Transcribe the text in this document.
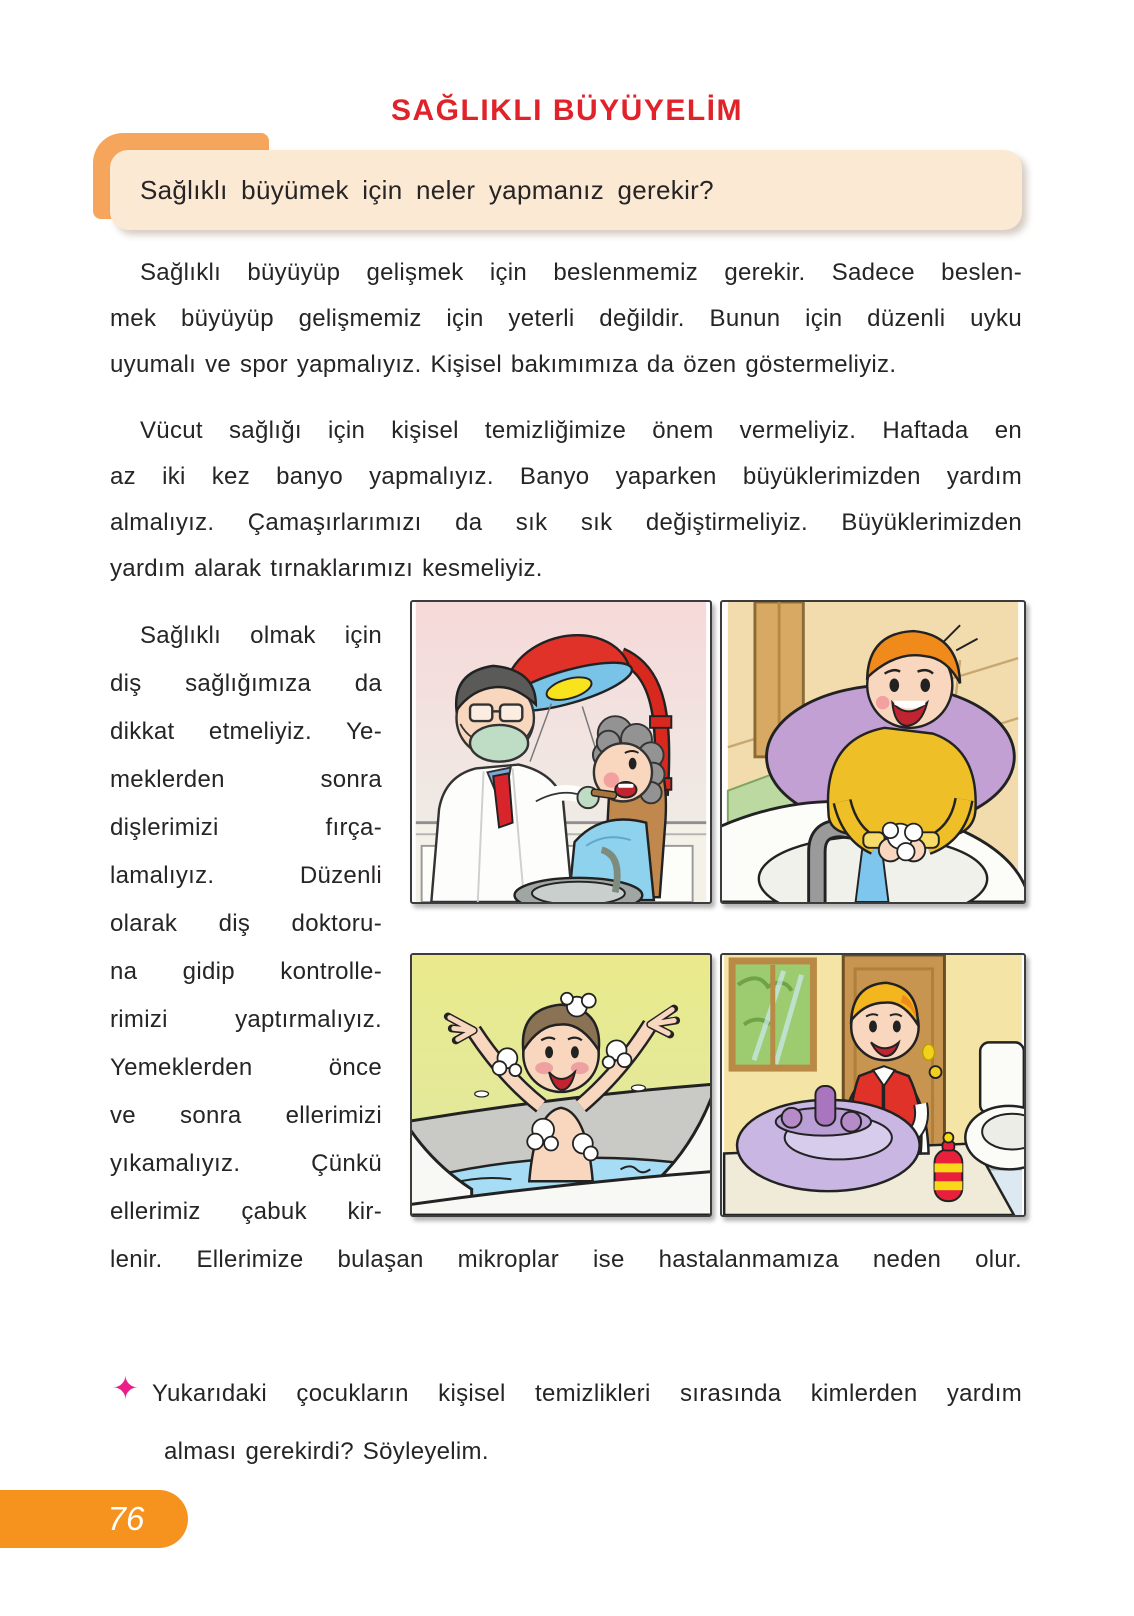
SAĞLIKLI BÜYÜYELİM
Sağlıklı büyümek için neler yapmanız gerekir?
Sağlıklı büyüyüp gelişmek için beslenmemiz gerekir. Sadece beslen-
mek büyüyüp gelişmemiz için yeterli değildir. Bunun için düzenli uyku
uyumalı ve spor yapmalıyız. Kişisel bakımımıza da özen göstermeliyiz.
Vücut sağlığı için kişisel temizliğimize önem vermeliyiz. Haftada en
az iki kez banyo yapmalıyız. Banyo yaparken büyüklerimizden yardım
almalıyız. Çamaşırlarımızı da sık sık değiştirmeliyiz. Büyüklerimizden
yardım alarak tırnaklarımızı kesmeliyiz.
Sağlıklı olmak için
diş sağlığımıza da
dikkat etmeliyiz. Ye-
meklerden sonra
dişlerimizi fırça-
lamalıyız. Düzenli
olarak diş doktoru-
na gidip kontrolle-
rimizi yaptırmalıyız.
Yemeklerden önce
ve sonra ellerimizi
yıkamalıyız. Çünkü
ellerimiz çabuk kir-
lenir. Ellerimize bulaşan mikroplar ise hastalanmamıza neden olur.
✦ Yukarıdaki çocukların kişisel temizlikleri sırasında kimlerden yardım
alması gerekirdi? Söyleyelim.
76
